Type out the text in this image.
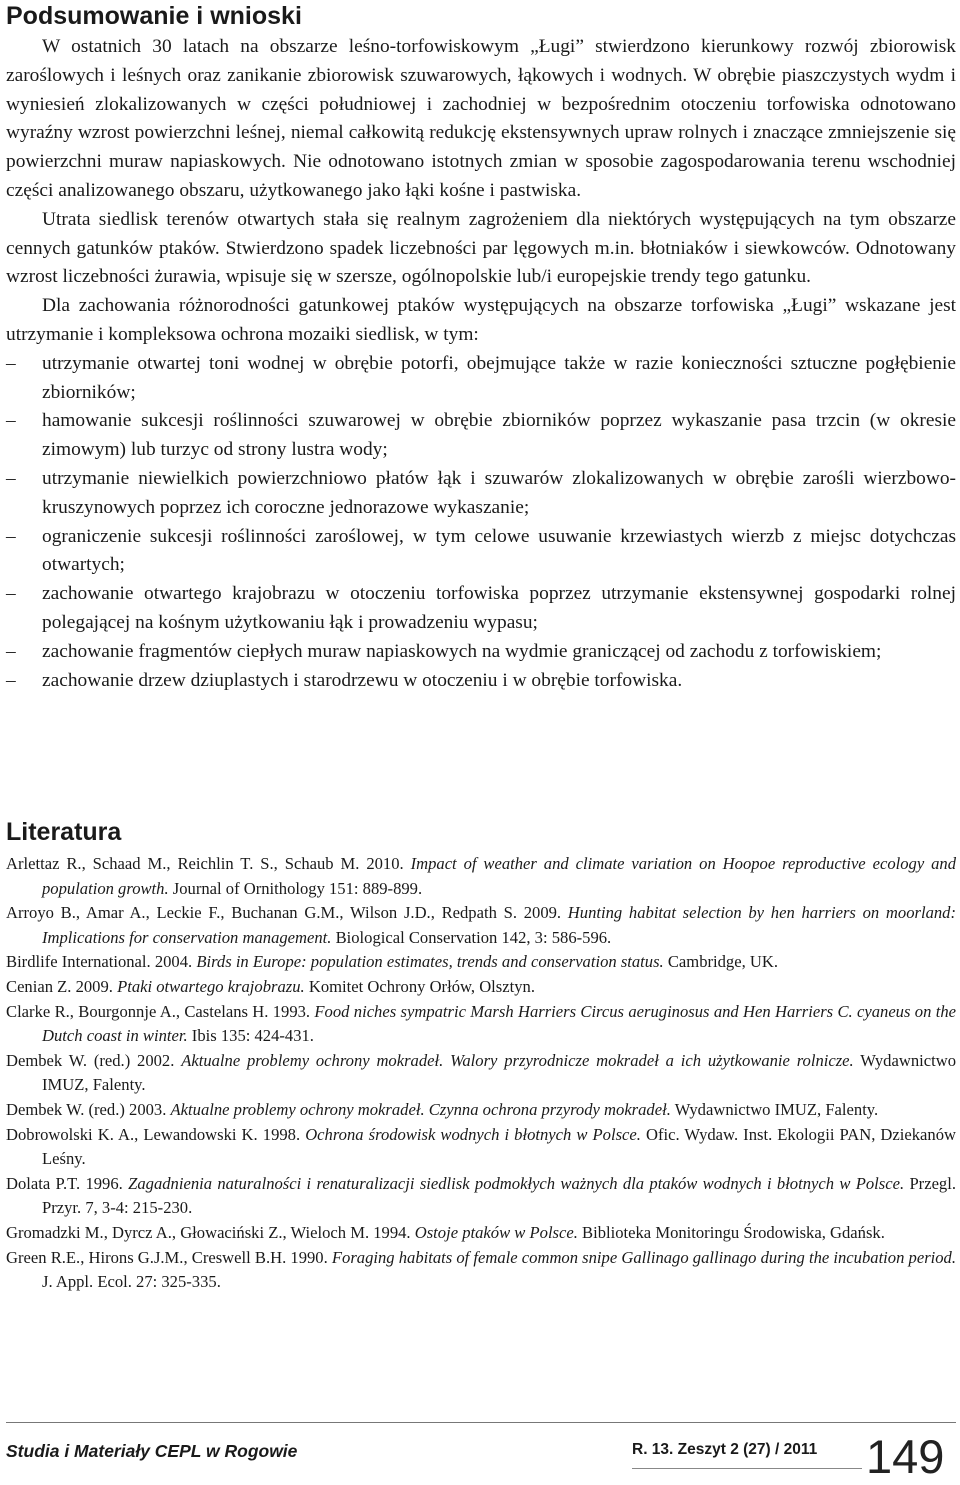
Podsumowanie i wnioski

W ostatnich 30 latach na obszarze leśno-torfowiskowym „Ługi” stwierdzono kierunkowy rozwój zbiorowisk zaroślowych i leśnych oraz zanikanie zbiorowisk szuwarowych, łąkowych i wodnych. W obrębie piaszczystych wydm i wyniesień zlokalizowanych w części południowej i zachodniej w bezpośrednim otoczeniu torfowiska odnotowano wyraźny wzrost powierzchni leśnej, niemal całkowitą redukcję ekstensywnych upraw rolnych i znaczące zmniejszenie się powierzchni muraw napiaskowych. Nie odnotowano istotnych zmian w sposobie zagospodarowania terenu wschodniej części analizowanego obszaru, użytkowanego jako łąki kośne i pastwiska.

Utrata siedlisk terenów otwartych stała się realnym zagrożeniem dla niektórych występujących na tym obszarze cennych gatunków ptaków. Stwierdzono spadek liczebności par lęgowych m.in. błotniaków i siewkowców. Odnotowany wzrost liczebności żurawia, wpisuje się w szersze, ogólnopolskie lub/i europejskie trendy tego gatunku.

Dla zachowania różnorodności gatunkowej ptaków występujących na obszarze torfowiska „Ługi” wskazane jest utrzymanie i kompleksowa ochrona mozaiki siedlisk, w tym:

–	utrzymanie otwartej toni wodnej w obrębie potorfi, obejmujące także w razie konieczności sztuczne pogłębienie zbiorników;
–	hamowanie sukcesji roślinności szuwarowej w obrębie zbiorników poprzez wykaszanie pasa trzcin (w okresie zimowym) lub turzyc od strony lustra wody;
–	utrzymanie niewielkich powierzchniowo płatów łąk i szuwarów zlokalizowanych w obrębie zarośli wierzbowo-kruszynowych poprzez ich coroczne jednorazowe wykaszanie;
–	ograniczenie sukcesji roślinności zaroślowej, w tym celowe usuwanie krzewiastych wierzb z miejsc dotychczas otwartych;
–	zachowanie otwartego krajobrazu w otoczeniu torfowiska poprzez utrzymanie ekstensywnej gospodarki rolnej polegającej na kośnym użytkowaniu łąk i prowadzeniu wypasu;
–	zachowanie fragmentów ciepłych muraw napiaskowych na wydmie graniczącej od zachodu z torfowiskiem;
–	zachowanie drzew dziuplastych i starodrzewu w otoczeniu i w obrębie torfowiska.
Literatura

Arlettaz R., Schaad M., Reichlin T. S., Schaub M. 2010. Impact of weather and climate variation on Hoopoe reproductive ecology and population growth. Journal of Ornithology 151: 889-899.

Arroyo B., Amar A., Leckie F., Buchanan G.M., Wilson J.D., Redpath S. 2009. Hunting habitat selection by hen harriers on moorland: Implications for conservation management. Biological Conservation 142, 3: 586-596.

Birdlife International. 2004. Birds in Europe: population estimates, trends and conservation status. Cambridge, UK.

Cenian Z. 2009. Ptaki otwartego krajobrazu. Komitet Ochrony Orłów, Olsztyn.

Clarke R., Bourgonnje A., Castelans H. 1993. Food niches sympatric Marsh Harriers Circus aeruginosus and Hen Harriers C. cyaneus on the Dutch coast in winter. Ibis 135: 424-431.

Dembek W. (red.) 2002. Aktualne problemy ochrony mokradeł. Walory przyrodnicze mokradeł a ich użytkowanie rolnicze. Wydawnictwo IMUZ, Falenty.

Dembek W. (red.) 2003. Aktualne problemy ochrony mokradeł. Czynna ochrona przyrody mokradeł. Wydawnictwo IMUZ, Falenty.

Dobrowolski K. A., Lewandowski K. 1998. Ochrona środowisk wodnych i błotnych w Polsce. Ofic. Wydaw. Inst. Ekologii PAN, Dziekanów Leśny.

Dolata P.T. 1996. Zagadnienia naturalności i renaturalizacji siedlisk podmokłych ważnych dla ptaków wodnych i błotnych w Polsce. Przegl. Przyr. 7, 3-4: 215-230.

Gromadzki M., Dyrcz A., Głowaciński Z., Wieloch M. 1994. Ostoje ptaków w Polsce. Biblioteka Monitoringu Środowiska, Gdańsk.

Green R.E., Hirons G.J.M., Creswell B.H. 1990. Foraging habitats of female common snipe Gallinago gallinago during the incubation period. J. Appl. Ecol. 27: 325-335.

Studia i Materiały CEPL w Rogowie	R. 13. Zeszyt 2 (27) / 2011 149
